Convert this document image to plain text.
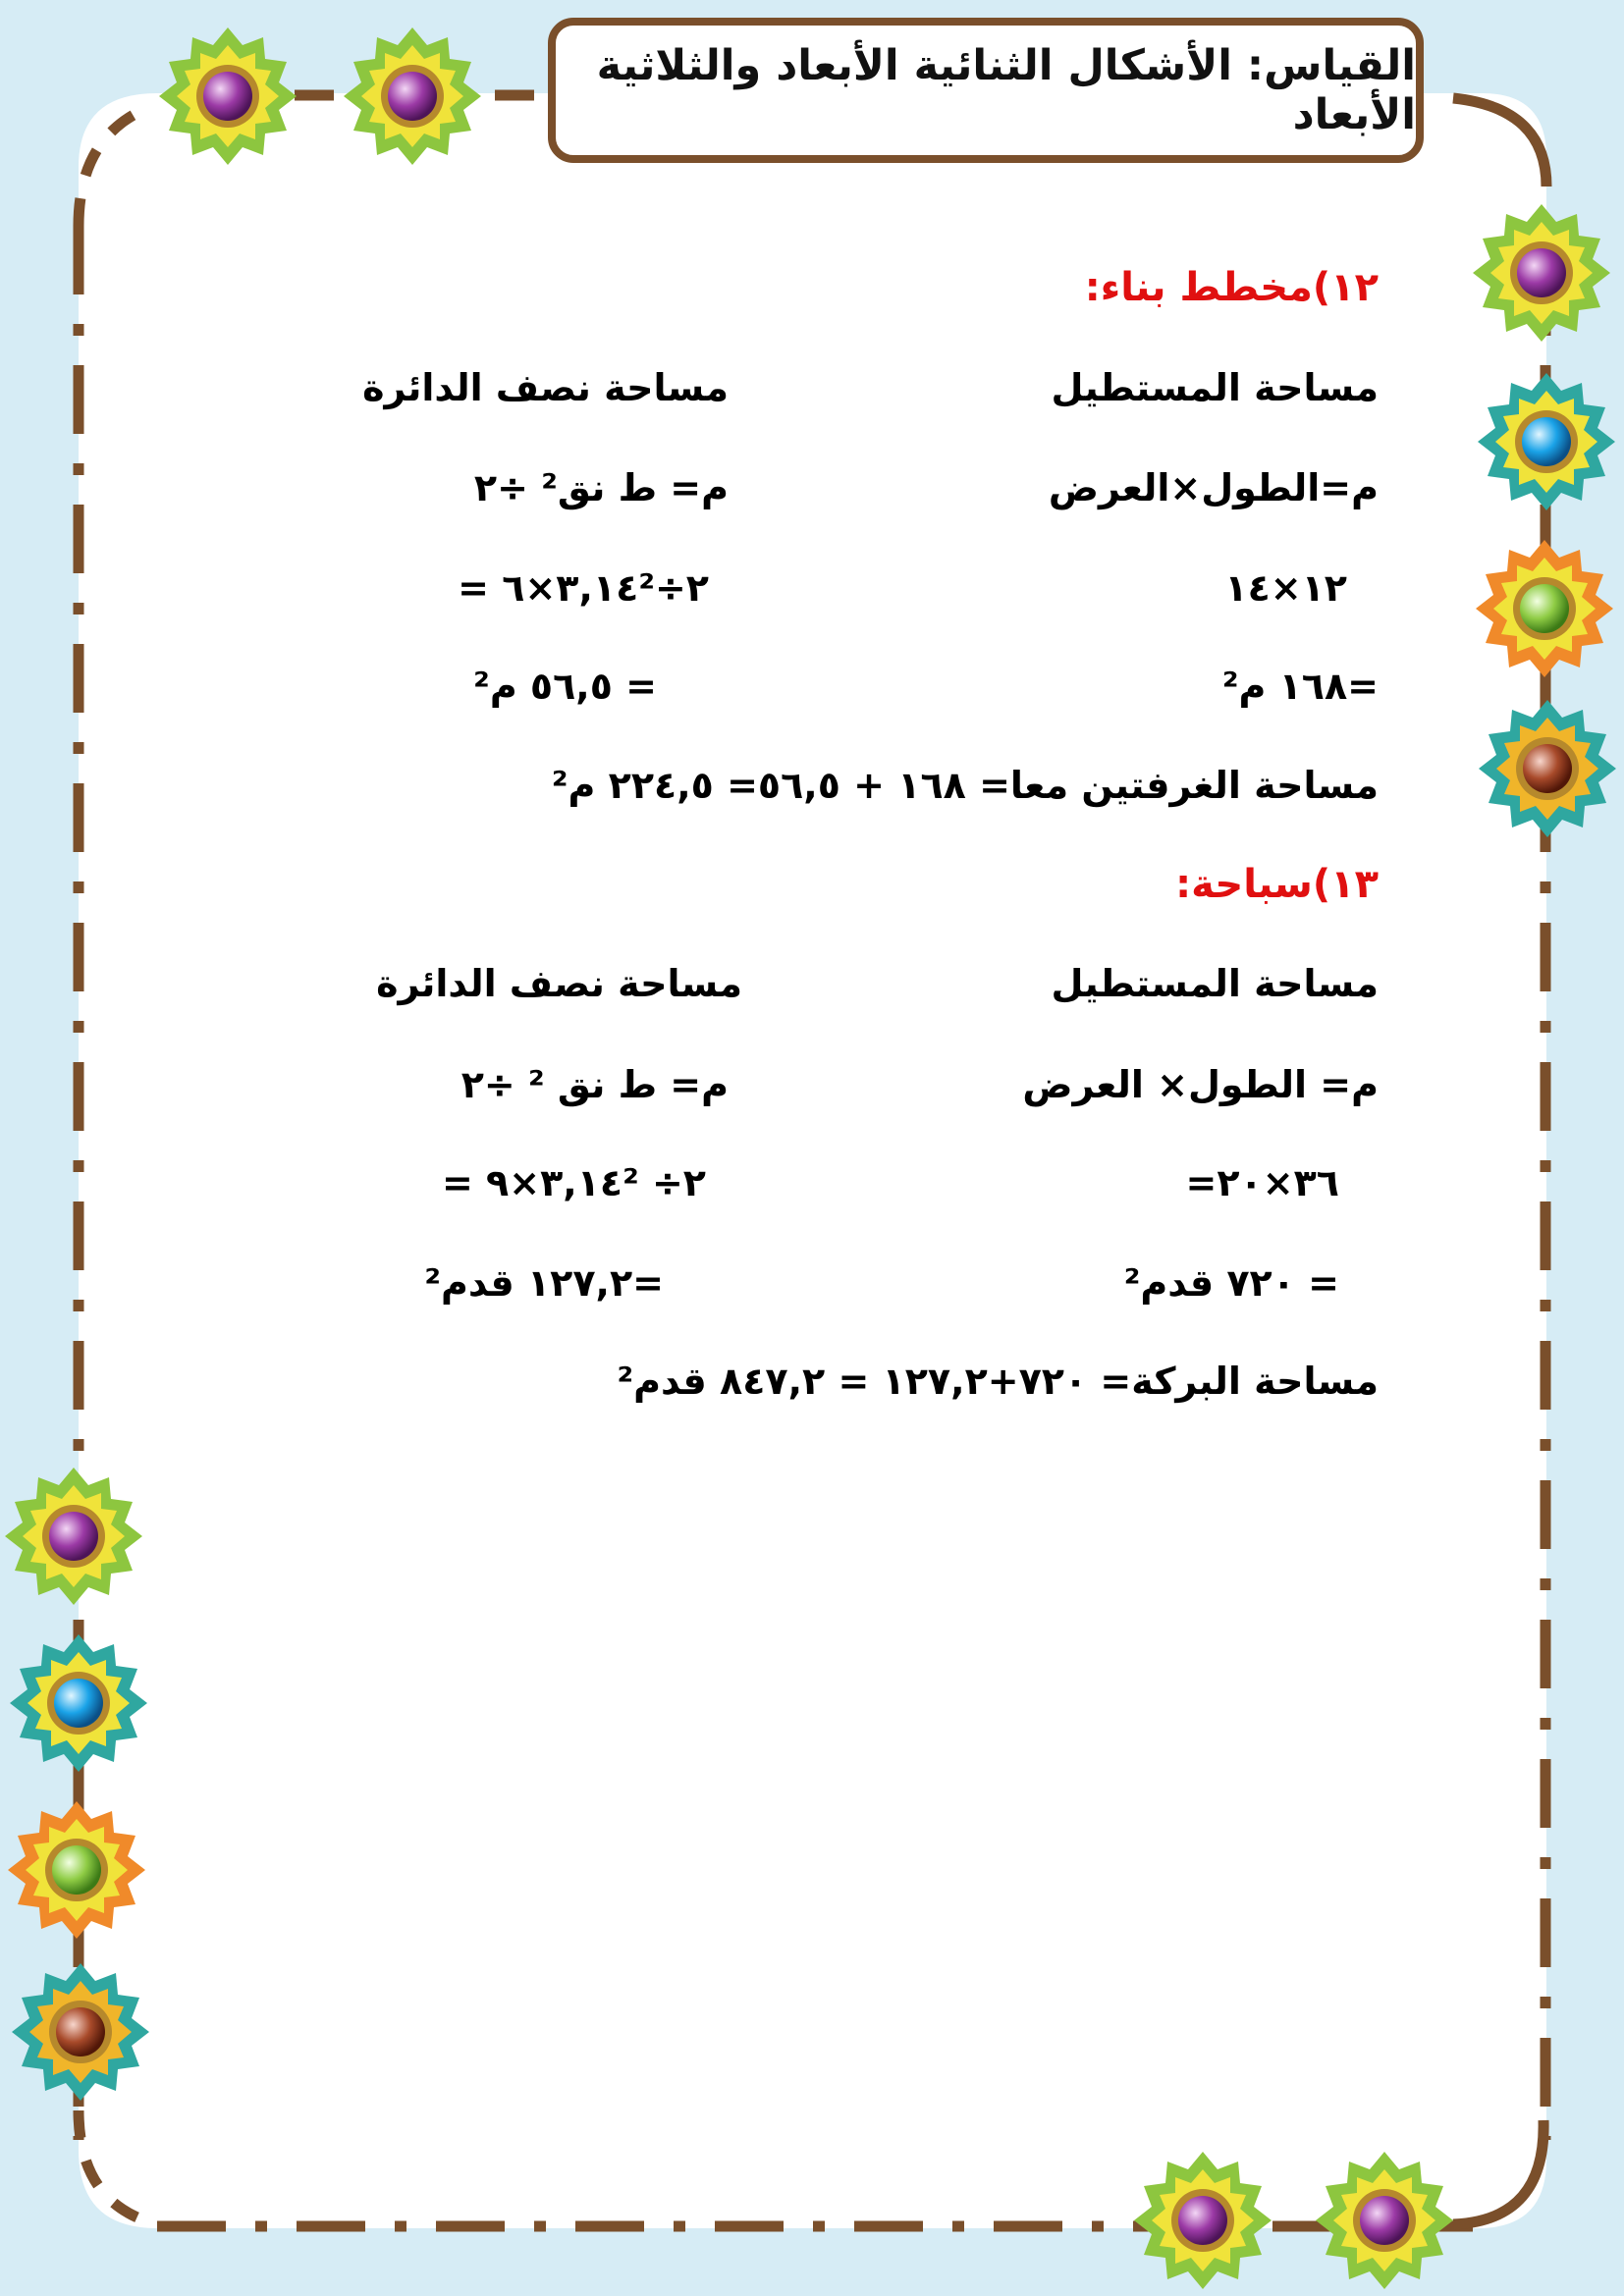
القياس: الأشكال الثنائية الأبعاد والثلاثية الأبعاد
١٢)مخطط بناء:
مساحة المستطيل
مساحة نصف الدائرة
م=الطول×العرض
م= ط نق² ÷٢
١٢×١٤
= ٣,١٤×٦²÷٢
=١٦٨ م²
= ٥٦,٥ م²
مساحة الغرفتين معا= ١٦٨ + ٥٦,٥= ٢٢٤,٥ م²
١٣)سباحة:
مساحة المستطيل
مساحة نصف الدائرة
م= الطول× العرض
م= ط نق ² ÷٢
=٣٦×٢٠
= ٣,١٤×٩² ÷٢
= ٧٢٠ قدم²
=١٢٧,٢ قدم²
مساحة البركة= ٧٢٠+١٢٧,٢ = ٨٤٧,٢ قدم²
